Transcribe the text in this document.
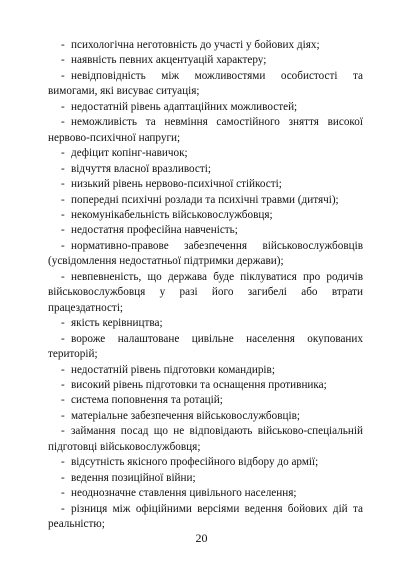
- психологічна неготовність до участі у бойових діях;

- наявність певних акцентуацій характеру;

- невідповідність між можливостями особистості та вимогами, які висуває ситуація;

- недостатній рівень адаптаційних можливостей;

- неможливість та невміння самостійного зняття високої нервово-психічної напруги;

- дефіцит копінг-навичок;

- відчуття власної вразливості;

- низький рівень нервово-психічної стійкості;

- попередні психічні розлади та психічні травми (дитячі);

- некомунікабельність військовослужбовця;

- недостатня професійна навченість;

- нормативно-правове забезпечення військовослужбовців (усвідомлення недостатньої підтримки держави);

- невпевненість, що держава буде піклуватися про родичів військовослужбовця у разі його загибелі або втрати працездатності;

- якість керівництва;

- вороже налаштоване цивільне населення окупованих територій;

- недостатній рівень підготовки командирів;

- високий рівень підготовки та оснащення противника;

- система поповнення та ротацій;

- матеріальне забезпечення військовослужбовців;

- займання посад що не відповідають військово-спеціальній підготовці військовослужбовця;

- відсутність якісного професійного відбору до армії;

- ведення позиційної війни;

- неоднозначне ставлення цивільного населення;

- різниця між офіційними версіями ведення бойових дій та реальністю;

20
